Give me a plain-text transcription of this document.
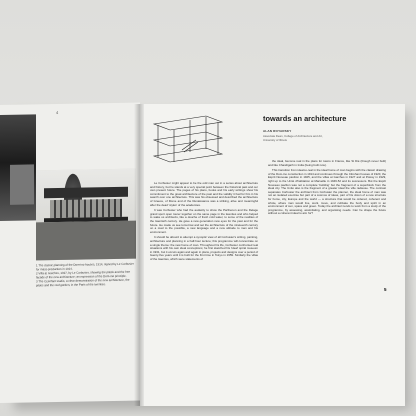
4

1 The classic planning of the Dom-ino houses, 1914, signed by Le Corbusier for mass-production in 1914.

2 Villa at Garches, 1927, by Le Corbusier, showing the pilotis and the free facade of the new architecture; an expression of the Dom-ino principle.

3 The Ozenfant studio, a clear demonstration of the new architecture, the pilotis and the roof garden, in the Paris of the twenties.

towards an architecture

ALAN ROYARSKY

Associate Dean, College of Architecture and Art, University of Illinois

Le Corbusier might appear to be the odd man out in a series about architecture and history, but he stands at a very special point between the historical past and our own present future. The pages of his plans, books and his early writings show his commitment to the great architecture of the past and the validity it had for him in his search over one architecture. This was his obsessed and described the architecture of Greece, of Rome and of the Renaissance was a striking, alive and meaningful after the dead 'styles' of the academies.

It was Corbusier who had the audacity to show the Parthenon and the Delage grand sport open tourer together on the same page in the twenties and who helped to wake us architects, like a douche of fresh cold water, to some of the realities of the twentieth century. He gave a new generation new eyes for the past and for the future. He made us see tomorrow and set the architecture of the nineteenth century on a road to the possible, a new language and a new attitude to man and his environment.

It should be absurd to attempt a synoptic view of all Corbusier's writing, painting, architecture and planning in a half-hour lecture; this programme will concentrate on a single theme: the new home of man. Throughout his life, Corbusier confronted real situations with his own ideal conceptions; he first sketched his 'ideal' spiral museum in 1931, but it occurs again and again in plans, projects and designs over a period of twenty-five years until it is built for the first time in Tokyo in 1959. Similarly the villas of the twenties, which were statements of

the ideal, become real in the plans for towns in France, like St Dié (though never built) and like Chandigarh in India (being built now).

This transition from ideal-to-real in the ideal home of man begins with the classic drawing of the Dom-ino construction in 1914 and continues through the Citrohan houses of 1920, the Esprit Nouveau pavilion in 1925, and the villas at Garches in 1927 and at Poissy in 1929, right up to the Unité d'habitation at Marseille in 1946-52 and its successors. But the Esprit Nouveau pavilion was not a complete 'building' but the fragment of a superblock from the ideal city. The Unité also is the fragment of a greater ideal the ville radieuse. The contrast separates Corbusier the architect from Corbusier the planner, the ideal home of man was not an isolated exercise but part of a cosmos of ideas, part of his vision of a new structure for home, city, Europe and the world — a structure that would be ordered, coherent and whole, where man would live, work, move, and cultivate the body and spirit in an environment of sun, space and green. Today the architect tends to work from a study of the programme, by assessing, assimilating, and organising needs. Can he shape the future without a coherent ideal to aim for?

5
